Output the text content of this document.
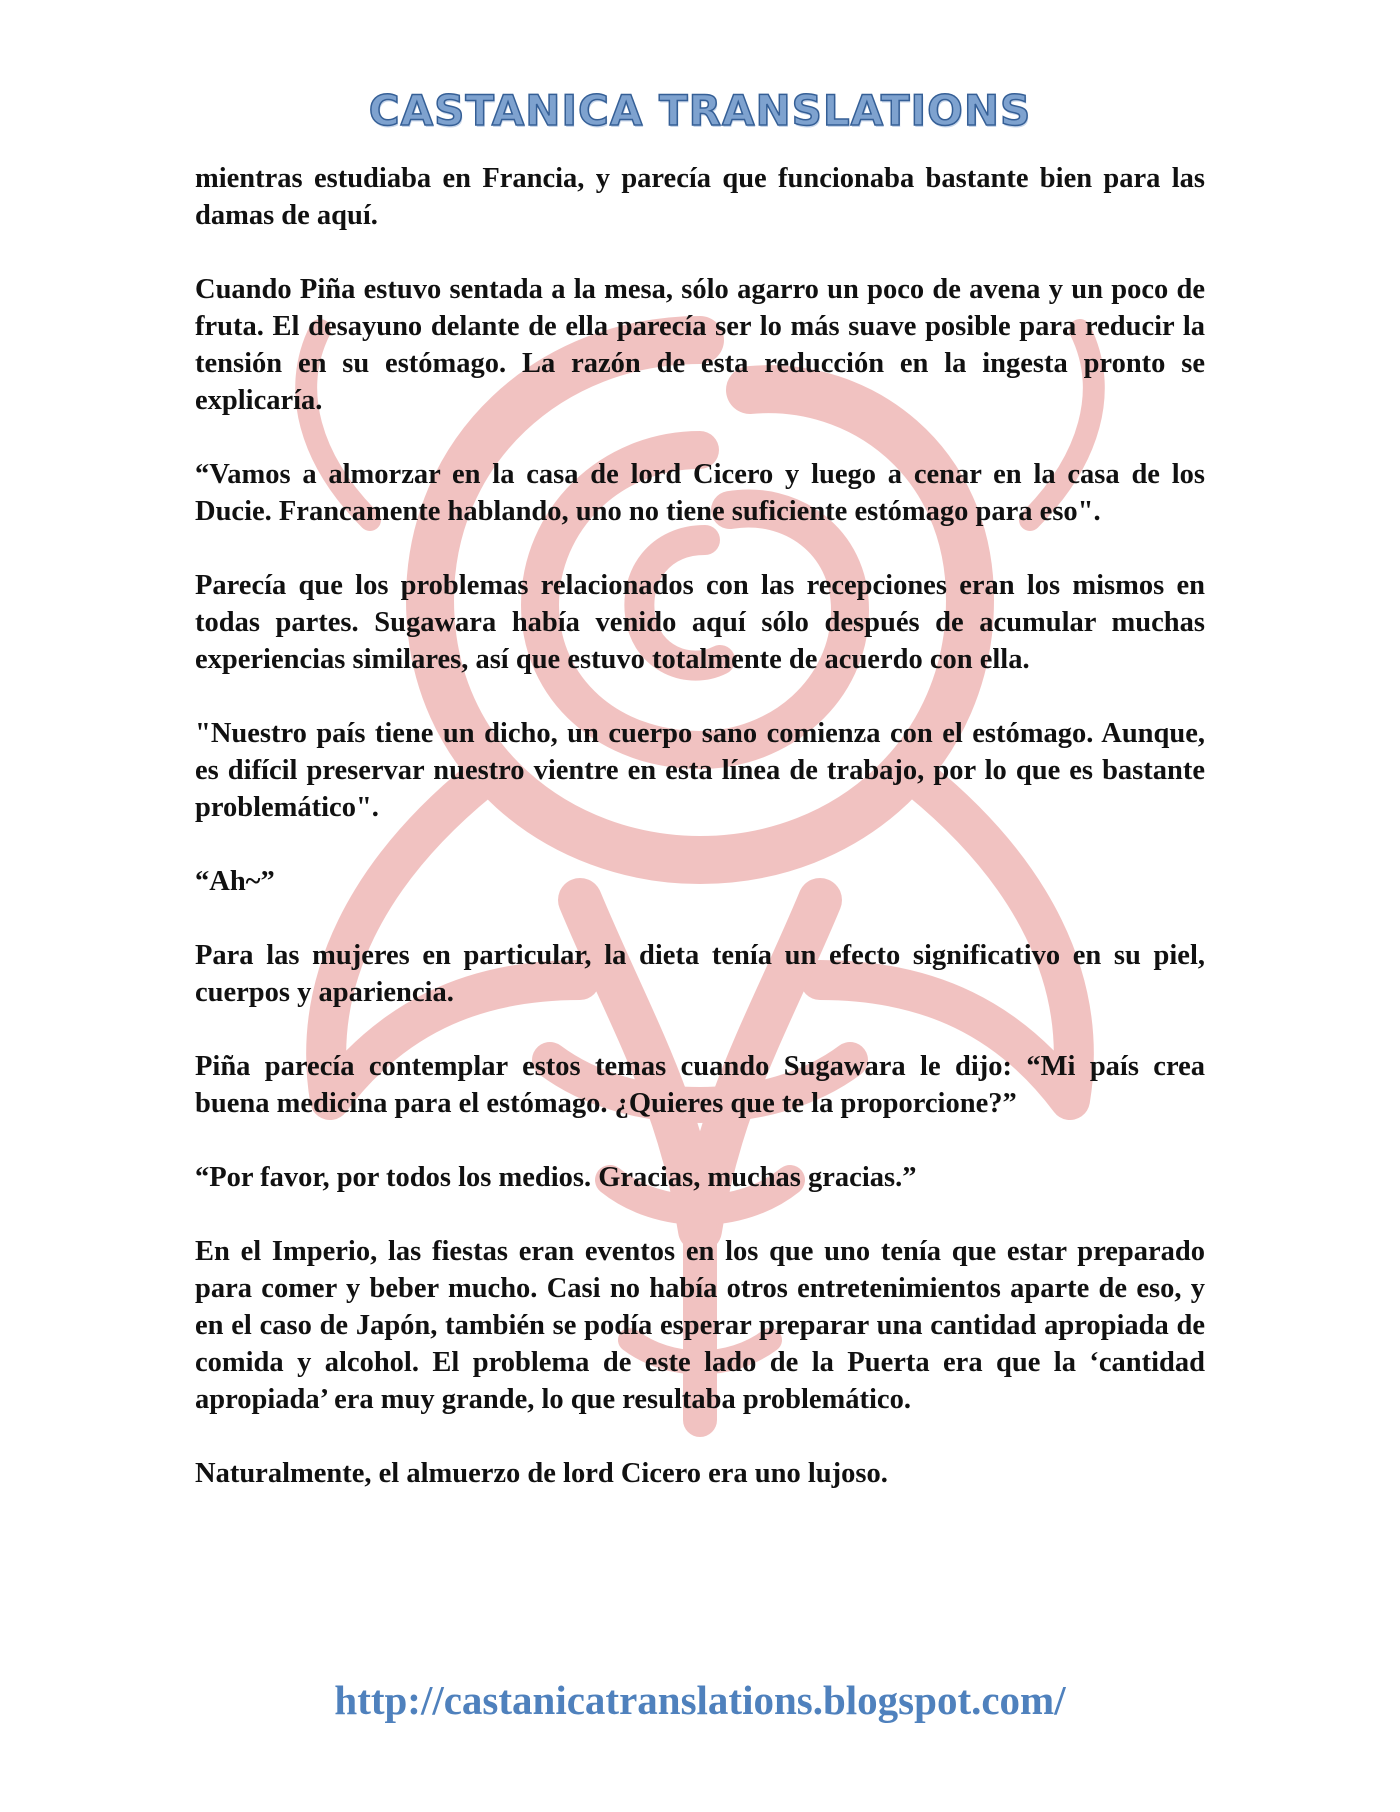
CASTANICA TRANSLATIONS

mientras estudiaba en Francia, y parecía que funcionaba bastante bien para las damas de aquí.

Cuando Piña estuvo sentada a la mesa, sólo agarro un poco de avena y un poco de fruta. El desayuno delante de ella parecía ser lo más suave posible para reducir la tensión en su estómago. La razón de esta reducción en la ingesta pronto se explicaría.

“Vamos a almorzar en la casa de lord Cicero y luego a cenar en la casa de los Ducie. Francamente hablando, uno no tiene suficiente estómago para eso".

Parecía que los problemas relacionados con las recepciones eran los mismos en todas partes. Sugawara había venido aquí sólo después de acumular muchas experiencias similares, así que estuvo totalmente de acuerdo con ella.

"Nuestro país tiene un dicho, un cuerpo sano comienza con el estómago. Aunque, es difícil preservar nuestro vientre en esta línea de trabajo, por lo que es bastante problemático".

“Ah~”

Para las mujeres en particular, la dieta tenía un efecto significativo en su piel, cuerpos y apariencia.

Piña parecía contemplar estos temas cuando Sugawara le dijo: “Mi país crea buena medicina para el estómago. ¿Quieres que te la proporcione?”

“Por favor, por todos los medios. Gracias, muchas gracias.”

En el Imperio, las fiestas eran eventos en los que uno tenía que estar preparado para comer y beber mucho. Casi no había otros entretenimientos aparte de eso, y en el caso de Japón, también se podía esperar preparar una cantidad apropiada de comida y alcohol. El problema de este lado de la Puerta era que la ‘cantidad apropiada’ era muy grande, lo que resultaba problemático.

Naturalmente, el almuerzo de lord Cicero era uno lujoso.

http://castanicatranslations.blogspot.com/
